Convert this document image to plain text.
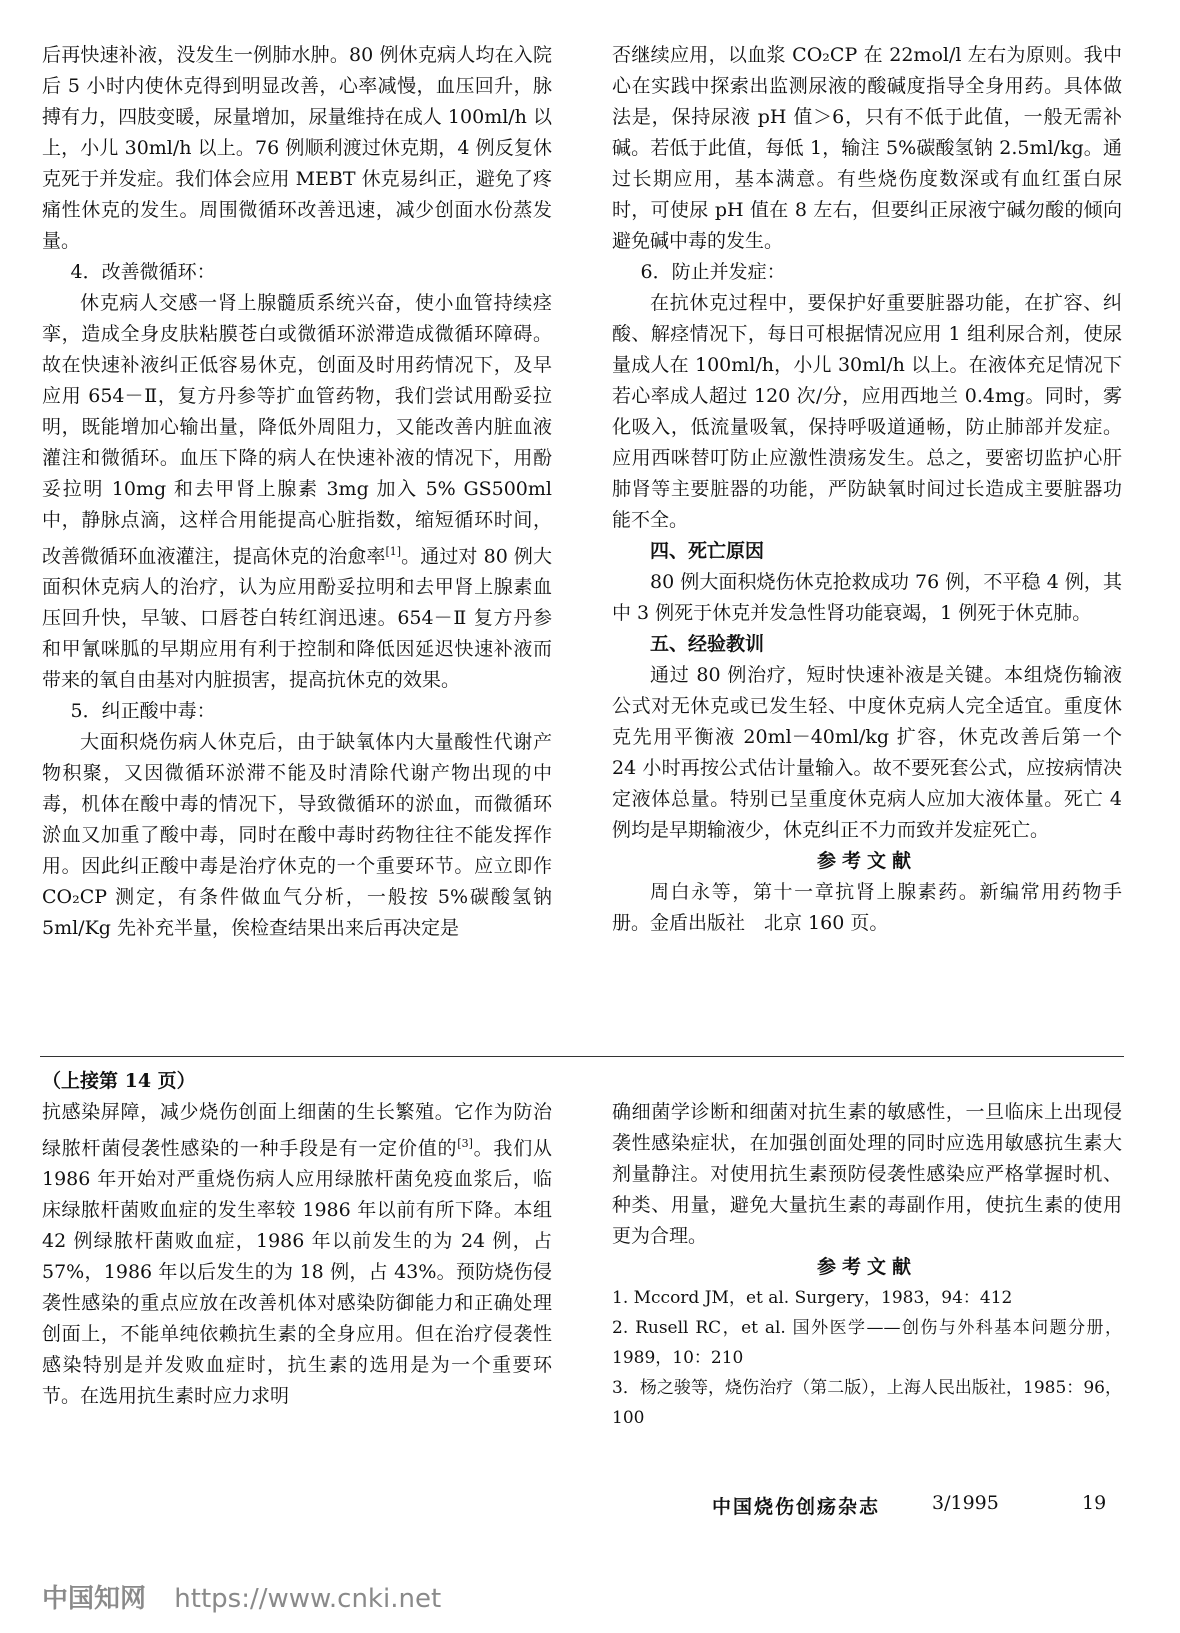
后再快速补液，没发生一例肺水肿。80 例休克病人均在入院后 5 小时内使休克得到明显改善，心率减慢，血压回升，脉搏有力，四肢变暖，尿量增加，尿量维持在成人 100ml/h 以上，小儿 30ml/h 以上。76 例顺利渡过休克期，4 例反复休克死于并发症。我们体会应用 MEBT 休克易纠正，避免了疼痛性休克的发生。周围微循环改善迅速，减少创面水份蒸发量。

4．改善微循环：

休克病人交感一肾上腺髓质系统兴奋，使小血管持续痉挛，造成全身皮肤粘膜苍白或微循环淤滞造成微循环障碍。故在快速补液纠正低容易休克，创面及时用药情况下，及早应用 654－Ⅱ，复方丹参等扩血管药物，我们尝试用酚妥拉明，既能增加心输出量，降低外周阻力，又能改善内脏血液灌注和微循环。血压下降的病人在快速补液的情况下，用酚妥拉明 10mg 和去甲肾上腺素 3mg 加入 5% GS500ml 中，静脉点滴，这样合用能提高心脏指数，缩短循环时间，改善微循环血液灌注，提高休克的治愈率[1]。通过对 80 例大面积休克病人的治疗，认为应用酚妥拉明和去甲肾上腺素血压回升快，早皱、口唇苍白转红润迅速。654－Ⅱ 复方丹参和甲氰咪胍的早期应用有利于控制和降低因延迟快速补液而带来的氧自由基对内脏损害，提高抗休克的效果。

5．纠正酸中毒：

大面积烧伤病人休克后，由于缺氧体内大量酸性代谢产物积聚，又因微循环淤滞不能及时清除代谢产物出现的中毒，机体在酸中毒的情况下，导致微循环的淤血，而微循环淤血又加重了酸中毒，同时在酸中毒时药物往往不能发挥作用。因此纠正酸中毒是治疗休克的一个重要环节。应立即作 CO₂CP 测定，有条件做血气分析，一般按 5%碳酸氢钠 5ml/Kg 先补充半量，俟检查结果出来后再决定是

否继续应用，以血浆 CO₂CP 在 22mol/l 左右为原则。我中心在实践中探索出监测尿液的酸碱度指导全身用药。具体做法是，保持尿液 pH 值＞6，只有不低于此值，一般无需补碱。若低于此值，每低 1，输注 5%碳酸氢钠 2.5ml/kg。通过长期应用，基本满意。有些烧伤度数深或有血红蛋白尿时，可使尿 pH 值在 8 左右，但要纠正尿液宁碱勿酸的倾向避免碱中毒的发生。

6．防止并发症：

在抗休克过程中，要保护好重要脏器功能，在扩容、纠酸、解痉情况下，每日可根据情况应用 1 组利尿合剂，使尿量成人在 100ml/h，小儿 30ml/h 以上。在液体充足情况下若心率成人超过 120 次/分，应用西地兰 0.4mg。同时，雾化吸入，低流量吸氧，保持呼吸道通畅，防止肺部并发症。应用西咪替叮防止应激性溃疡发生。总之，要密切监护心肝肺肾等主要脏器的功能，严防缺氧时间过长造成主要脏器功能不全。

四、死亡原因

80 例大面积烧伤休克抢救成功 76 例，不平稳 4 例，其中 3 例死于休克并发急性肾功能衰竭，1 例死于休克肺。

五、经验教训

通过 80 例治疗，短时快速补液是关键。本组烧伤输液公式对无休克或已发生轻、中度休克病人完全适宜。重度休克先用平衡液 20ml－40ml/kg 扩容，休克改善后第一个 24 小时再按公式估计量输入。故不要死套公式，应按病情决定液体总量。特别已呈重度休克病人应加大液体量。死亡 4 例均是早期输液少，休克纠正不力而致并发症死亡。

参考文献

周白永等，第十一章抗肾上腺素药。新编常用药物手册。金盾出版社　北京 160 页。

（上接第 14 页）

抗感染屏障，减少烧伤创面上细菌的生长繁殖。它作为防治绿脓杆菌侵袭性感染的一种手段是有一定价值的[3]。我们从 1986 年开始对严重烧伤病人应用绿脓杆菌免疫血浆后，临床绿脓杆菌败血症的发生率较 1986 年以前有所下降。本组 42 例绿脓杆菌败血症，1986 年以前发生的为 24 例，占 57%，1986 年以后发生的为 18 例，占 43%。预防烧伤侵袭性感染的重点应放在改善机体对感染防御能力和正确处理创面上，不能单纯依赖抗生素的全身应用。但在治疗侵袭性感染特别是并发败血症时，抗生素的选用是为一个重要环节。在选用抗生素时应力求明

确细菌学诊断和细菌对抗生素的敏感性，一旦临床上出现侵袭性感染症状，在加强创面处理的同时应选用敏感抗生素大剂量静注。对使用抗生素预防侵袭性感染应严格掌握时机、种类、用量，避免大量抗生素的毒副作用，使抗生素的使用更为合理。

参考文献

1. Mccord JM，et al. Surgery，1983，94：412

2. Rusell RC，et al. 国外医学——创伤与外科基本问题分册，1989，10：210

3．杨之骏等，烧伤治疗（第二版），上海人民出版社，1985：96，100

中国烧伤创疡杂志	3/1995	19
中国知网 https://www.cnki.net
